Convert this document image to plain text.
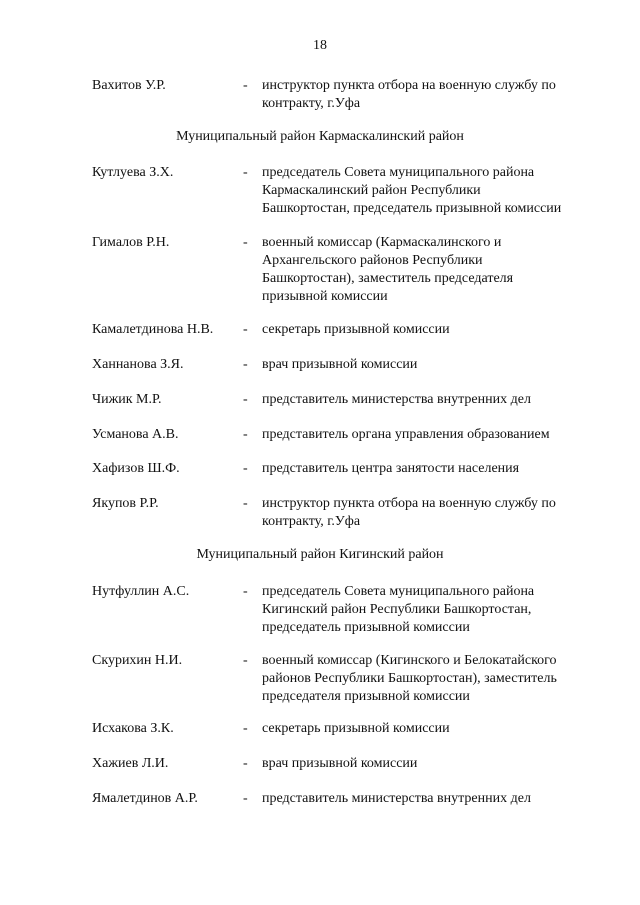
18
Вахитов У.Р.	- инструктор пункта отбора на военную службу по
контракту, г.Уфа
Муниципальный район Кармаскалинский район
Кутлуева З.Х.	- председатель Совета муниципального района
Кармаскалинский район Республики
Башкортостан, председатель призывной комиссии
Гималов Р.Н.	- военный комиссар (Кармаскалинского и
Архангельского районов Республики
Башкортостан), заместитель председателя
призывной комиссии
Камалетдинова Н.В. - секретарь призывной комиссии
Ханнанова З.Я.	- врач призывной комиссии
Чижик М.Р.	- представитель министерства внутренних дел
Усманова А.В.	- представитель органа управления образованием
Хафизов Ш.Ф.	- представитель центра занятости населения
Якупов Р.Р.	- инструктор пункта отбора на военную службу по
контракту, г.Уфа
Муниципальный район Кигинский район
Нутфуллин А.С.	- председатель Совета муниципального района
Кигинский район Республики Башкортостан,
председатель призывной комиссии
Скурихин Н.И.	- военный комиссар (Кигинского и Белокатайского
районов Республики Башкортостан), заместитель
председателя призывной комиссии
Исхакова З.К.	- секретарь призывной комиссии
Хажиев Л.И.	- врач призывной комиссии
Ямалетдинов А.Р.	- представитель министерства внутренних дел
